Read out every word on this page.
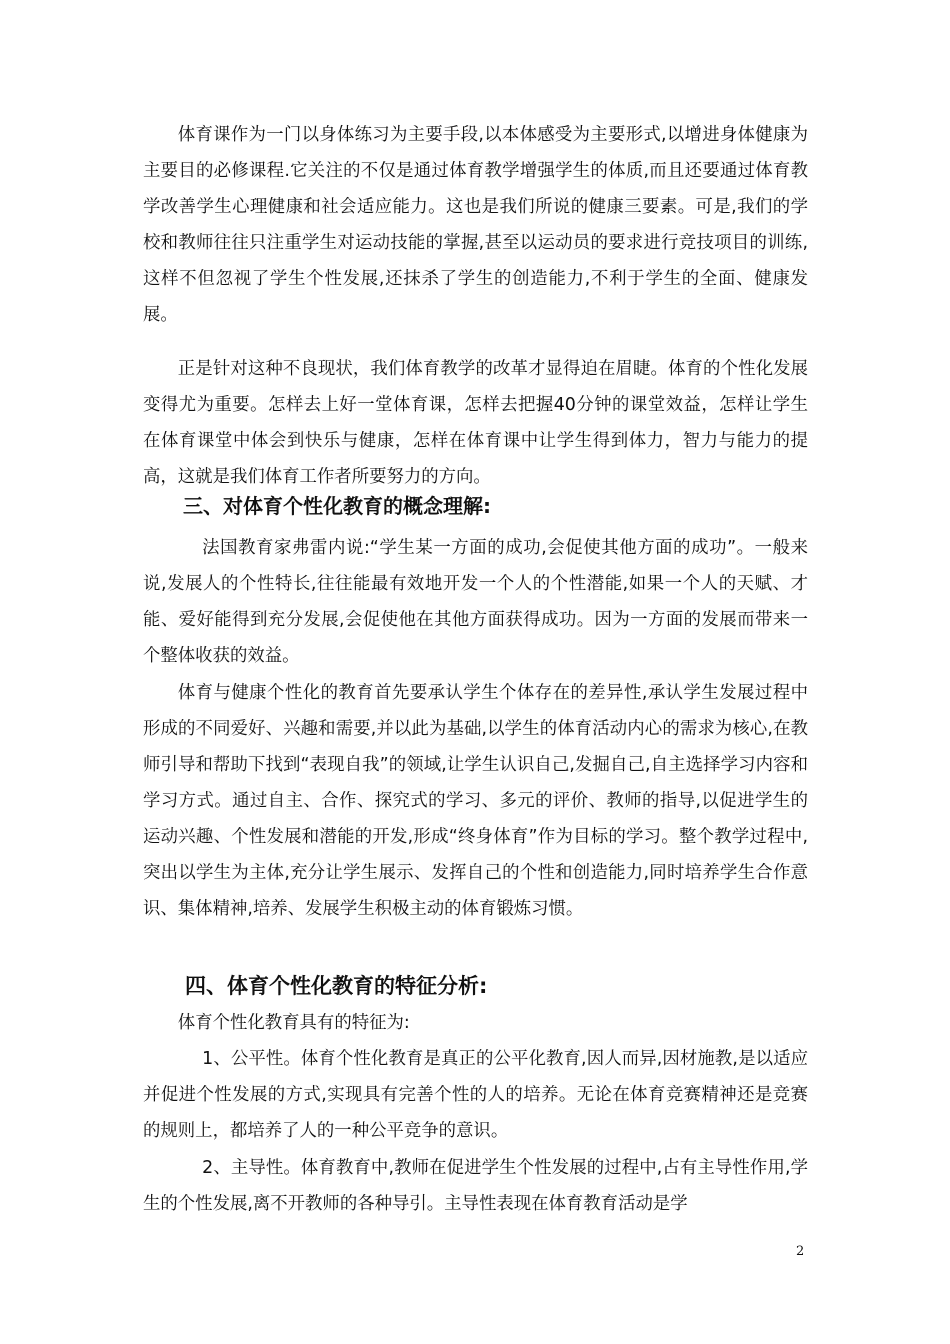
体育课作为一门以身体练习为主要手段,以本体感受为主要形式,以增进身体健康为主要目的必修课程.它关注的不仅是通过体育教学增强学生的体质,而且还要通过体育教学改善学生心理健康和社会适应能力。这也是我们所说的健康三要素。可是,我们的学校和教师往往只注重学生对运动技能的掌握,甚至以运动员的要求进行竞技项目的训练,这样不但忽视了学生个性发展,还抹杀了学生的创造能力,不利于学生的全面、健康发展。

正是针对这种不良现状，我们体育教学的改革才显得迫在眉睫。体育的个性化发展变得尤为重要。怎样去上好一堂体育课，怎样去把握40分钟的课堂效益，怎样让学生在体育课堂中体会到快乐与健康，怎样在体育课中让学生得到体力，智力与能力的提高，这就是我们体育工作者所要努力的方向。

三、对体育个性化教育的概念理解:

法国教育家弗雷内说:“学生某一方面的成功,会促使其他方面的成功”。一般来说,发展人的个性特长,往往能最有效地开发一个人的个性潜能,如果一个人的天赋、才能、爱好能得到充分发展,会促使他在其他方面获得成功。因为一方面的发展而带来一个整体收获的效益。

体育与健康个性化的教育首先要承认学生个体存在的差异性,承认学生发展过程中形成的不同爱好、兴趣和需要,并以此为基础,以学生的体育活动内心的需求为核心,在教师引导和帮助下找到“表现自我”的领域,让学生认识自己,发掘自己,自主选择学习内容和学习方式。通过自主、合作、探究式的学习、多元的评价、教师的指导,以促进学生的运动兴趣、个性发展和潜能的开发,形成“终身体育”作为目标的学习。整个教学过程中,突出以学生为主体,充分让学生展示、发挥自己的个性和创造能力,同时培养学生合作意识、集体精神,培养、发展学生积极主动的体育锻炼习惯。

四、体育个性化教育的特征分析:

体育个性化教育具有的特征为:

1、公平性。体育个性化教育是真正的公平化教育,因人而异,因材施教,是以适应并促进个性发展的方式,实现具有完善个性的人的培养。无论在体育竞赛精神还是竞赛的规则上，都培养了人的一种公平竞争的意识。

2、主导性。体育教育中,教师在促进学生个性发展的过程中,占有主导性作用,学生的个性发展,离不开教师的各种导引。主导性表现在体育教育活动是学

2
